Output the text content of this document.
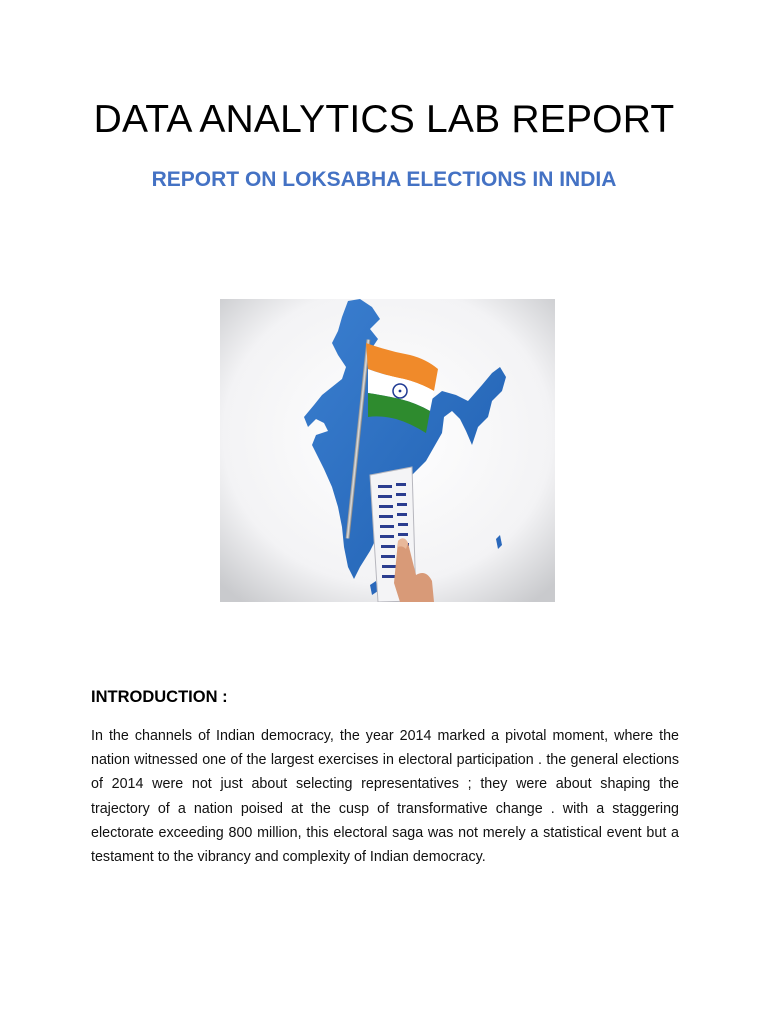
DATA ANALYTICS LAB REPORT
REPORT ON LOKSABHA ELECTIONS IN INDIA
INTRODUCTION :

In the channels of Indian democracy, the year 2014 marked a pivotal moment, where the nation witnessed one of the largest exercises in electoral participation . the general elections of 2014 were not just about selecting representatives ; they were about shaping the trajectory of a nation poised at the cusp of transformative change . with a staggering electorate exceeding 800 million, this electoral saga was not merely a statistical event but a testament to the vibrancy and complexity of Indian democracy.
